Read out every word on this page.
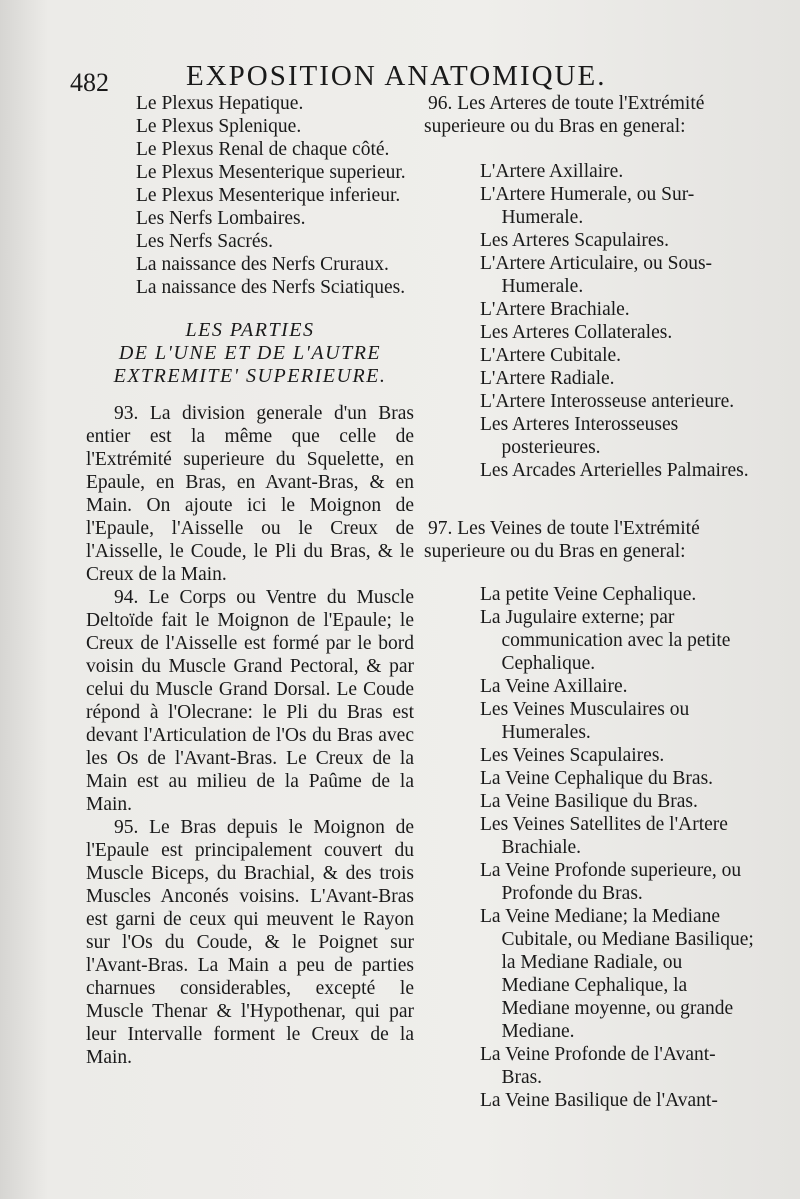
482	EXPOSITION ANATOMIQUE.

Le Plexus Hepatique.

Le Plexus Splenique.

Le Plexus Renal de chaque côté.

Le Plexus Mesenterique superieur.

Le Plexus Mesenterique inferieur.

Les Nerfs Lombaires.

Les Nerfs Sacrés.

La naissance des Nerfs Cruraux.

La naissance des Nerfs Sciatiques.

LES PARTIES

DE L'UNE ET DE L'AUTRE

EXTREMITE' SUPERIEURE.

93. La division generale d'un Bras entier est la même que celle de l'Extrémité superieure du Squelette, en Epaule, en Bras, en Avant-Bras, & en Main. On ajoute ici le Moignon de l'Epaule, l'Aisselle ou le Creux de l'Aisselle, le Coude, le Pli du Bras, & le Creux de la Main.

94. Le Corps ou Ventre du Muscle Deltoïde fait le Moignon de l'Epaule; le Creux de l'Aisselle est formé par le bord voisin du Muscle Grand Pectoral, & par celui du Muscle Grand Dorsal. Le Coude répond à l'Olecrane: le Pli du Bras est devant l'Articulation de l'Os du Bras avec les Os de l'Avant-Bras. Le Creux de la Main est au milieu de la Paûme de la Main.

95. Le Bras depuis le Moignon de l'Epaule est principalement couvert du Muscle Biceps, du Brachial, & des trois Muscles Anconés voisins. L'Avant-Bras est garni de ceux qui meuvent le Rayon sur l'Os du Coude, & le Poignet sur l'Avant-Bras. La Main a peu de parties charnues considerables, excepté le Muscle Thenar & l'Hypothenar, qui par leur Intervalle forment le Creux de la Main.

96. Les Arteres de toute l'Extrémité superieure ou du Bras en general:

L'Artere Axillaire.

L'Artere Humerale, ou Sur-Humerale.

Les Arteres Scapulaires.

L'Artere Articulaire, ou Sous-Humerale.

L'Artere Brachiale.

Les Arteres Collaterales.

L'Artere Cubitale.

L'Artere Radiale.

L'Artere Interosseuse anterieure.

Les Arteres Interosseuses posterieures.

Les Arcades Arterielles Palmaires.

97. Les Veines de toute l'Extrémité superieure ou du Bras en general:

La petite Veine Cephalique.

La Jugulaire externe; par communication avec la petite Cephalique.

La Veine Axillaire.

Les Veines Musculaires ou Humerales.

Les Veines Scapulaires.

La Veine Cephalique du Bras.

La Veine Basilique du Bras.

Les Veines Satellites de l'Artere Brachiale.

La Veine Profonde superieure, ou Profonde du Bras.

La Veine Mediane; la Mediane Cubitale, ou Mediane Basilique; la Mediane Radiale, ou Mediane Cephalique, la Mediane moyenne, ou grande Mediane.

La Veine Profonde de l'Avant-Bras.

La Veine Basilique de l'Avant-
